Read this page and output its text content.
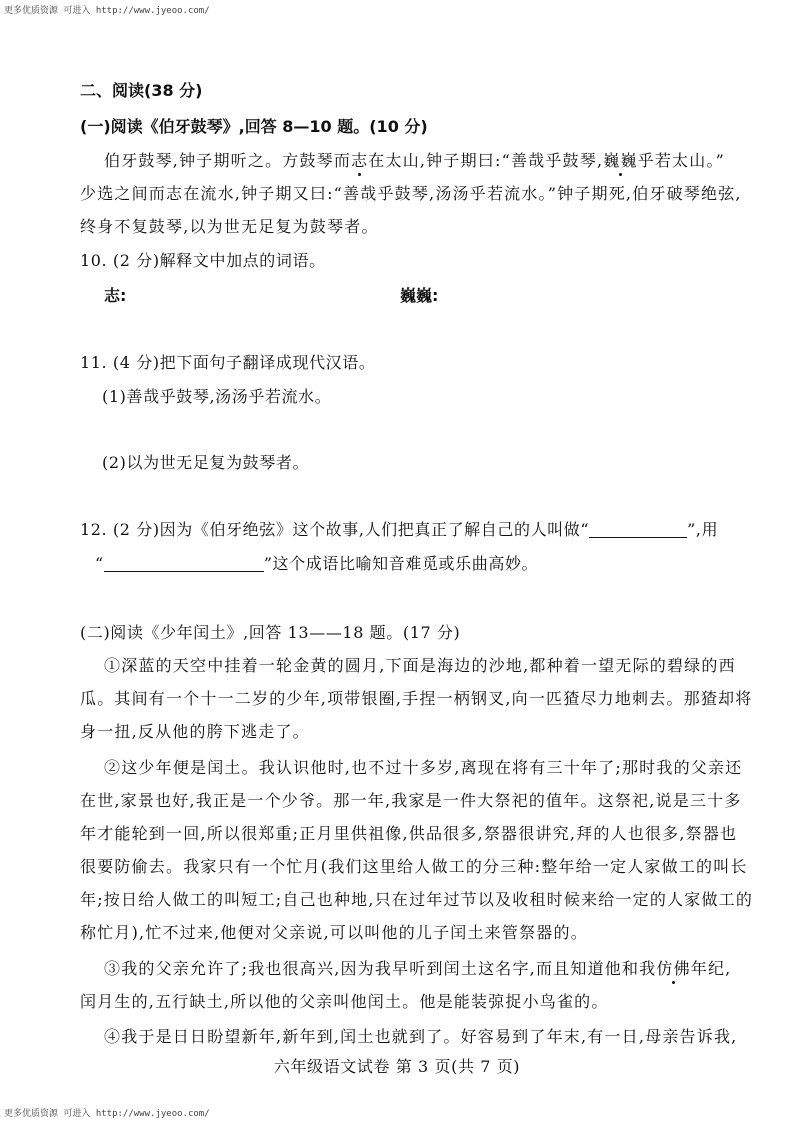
更多优质资源 可进入 http://www.jyeoo.com/
二、阅读(38 分)
(一)阅读《伯牙鼓琴》,回答 8—10 题。(10 分)
伯牙鼓琴,钟子期听之。方鼓琴而志在太山,钟子期曰:“善哉乎鼓琴,巍巍乎若太山。”
少选之间而志在流水,钟子期又曰:“善哉乎鼓琴,汤汤乎若流水。”钟子期死,伯牙破琴绝弦,
终身不复鼓琴,以为世无足复为鼓琴者。
10. (2 分)解释文中加点的词语。
志:	巍巍:
11. (4 分)把下面句子翻译成现代汉语。
(1)善哉乎鼓琴,汤汤乎若流水。
(2)以为世无足复为鼓琴者。
12. (2 分)因为《伯牙绝弦》这个故事,人们把真正了解自己的人叫做“	”,用
“	”这个成语比喻知音难觅或乐曲高妙。
(二)阅读《少年闰土》,回答 13——18 题。(17 分)
①深蓝的天空中挂着一轮金黄的圆月,下面是海边的沙地,都种着一望无际的碧绿的西
瓜。其间有一个十一二岁的少年,项带银圈,手捏一柄钢叉,向一匹猹尽力地刺去。那猹却将
身一扭,反从他的胯下逃走了。
②这少年便是闰土。我认识他时,也不过十多岁,离现在将有三十年了;那时我的父亲还
在世,家景也好,我正是一个少爷。那一年,我家是一件大祭祀的值年。这祭祀,说是三十多
年才能轮到一回,所以很郑重;正月里供祖像,供品很多,祭器很讲究,拜的人也很多,祭器也
很要防偷去。我家只有一个忙月(我们这里给人做工的分三种:整年给一定人家做工的叫长
年;按日给人做工的叫短工;自己也种地,只在过年过节以及收租时候来给一定的人家做工的
称忙月),忙不过来,他便对父亲说,可以叫他的儿子闰土来管祭器的。
③我的父亲允许了;我也很高兴,因为我早听到闰土这名字,而且知道他和我仿佛年纪,
闰月生的,五行缺土,所以他的父亲叫他闰土。他是能装弶捉小鸟雀的。
④我于是日日盼望新年,新年到,闰土也就到了。好容易到了年末,有一日,母亲告诉我,
六年级语文试卷 第 3 页(共 7 页)
更多优质资源 可进入 http://www.jyeoo.com/
